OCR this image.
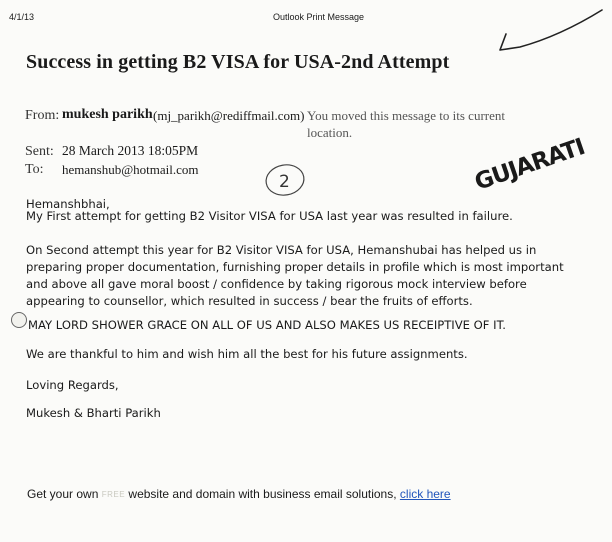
4/1/13	Outlook Print Message
Success in getting B2 VISA for USA-2nd Attempt
From: mukesh parikh (mj_parikh@rediffmail.com) You moved this message to its current location.
Sent: 28 March 2013 18:05PM
To: hemanshub@hotmail.com
2	GUJARATI
Hemanshbhai,
My First attempt for getting B2 Visitor VISA for USA last year was resulted in failure.
On Second attempt this year for B2 Visitor VISA for USA, Hemanshubai has helped us in preparing proper documentation, furnishing proper details in profile which is most important and above all gave moral boost / confidence by taking rigorous mock interview before appearing to counsellor, which resulted in success / bear the fruits of efforts.
MAY LORD SHOWER GRACE ON ALL OF US AND ALSO MAKES US RECEIPTIVE OF IT.
We are thankful to him and wish him all the best for his future assignments.
Loving Regards,
Mukesh & Bharti Parikh
Get your own FREE website and domain with business email solutions, click here
